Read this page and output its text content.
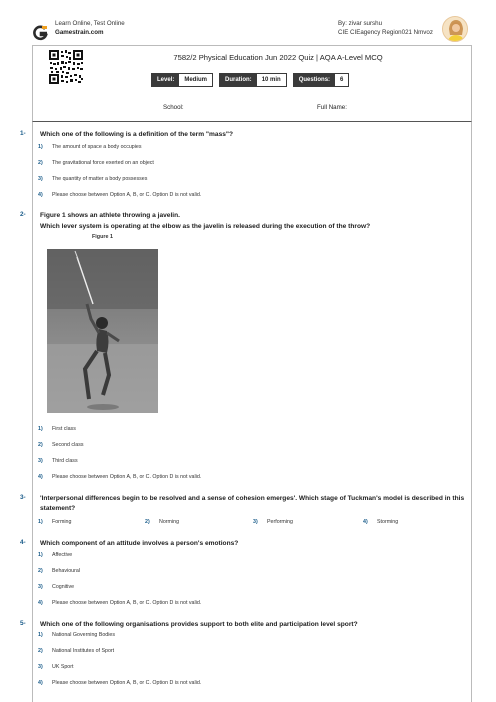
Learn Online, Test Online
Gamestrain.com
By: zivar surshu
CIE CIEagency Region021 Nmvoz
7582/2 Physical Education Jun 2022 Quiz | AQA A-Level MCQ
Level:	Medium	Duration:	10 min	Questions:	6
School:	Full Name:
1- Which one of the following is a definition of the term "mass"?
1) The amount of space a body occupies
2) The gravitational force exerted on an object
3) The quantity of matter a body possesses
4) Please choose between Option A, B, or C. Option D is not valid.
2- Figure 1 shows an athlete throwing a javelin.
Which lever system is operating at the elbow as the javelin is released during the execution of the throw?
Figure 1
1) First class
2) Second class
3) Third class
4) Please choose between Option A, B, or C. Option D is not valid.
3- 'Interpersonal differences begin to be resolved and a sense of cohesion emerges'. Which stage of Tuckman's model is described in this statement?
1) Forming	2) Norming	3) Performing	4) Storming
4- Which component of an attitude involves a person's emotions?
1) Affective
2) Behavioural
3) Cognitive
4) Please choose between Option A, B, or C. Option D is not valid.
5- Which one of the following organisations provides support to both elite and participation level sport?
1) National Governing Bodies
2) National Institutes of Sport
3) UK Sport
4) Please choose between Option A, B, or C. Option D is not valid.
